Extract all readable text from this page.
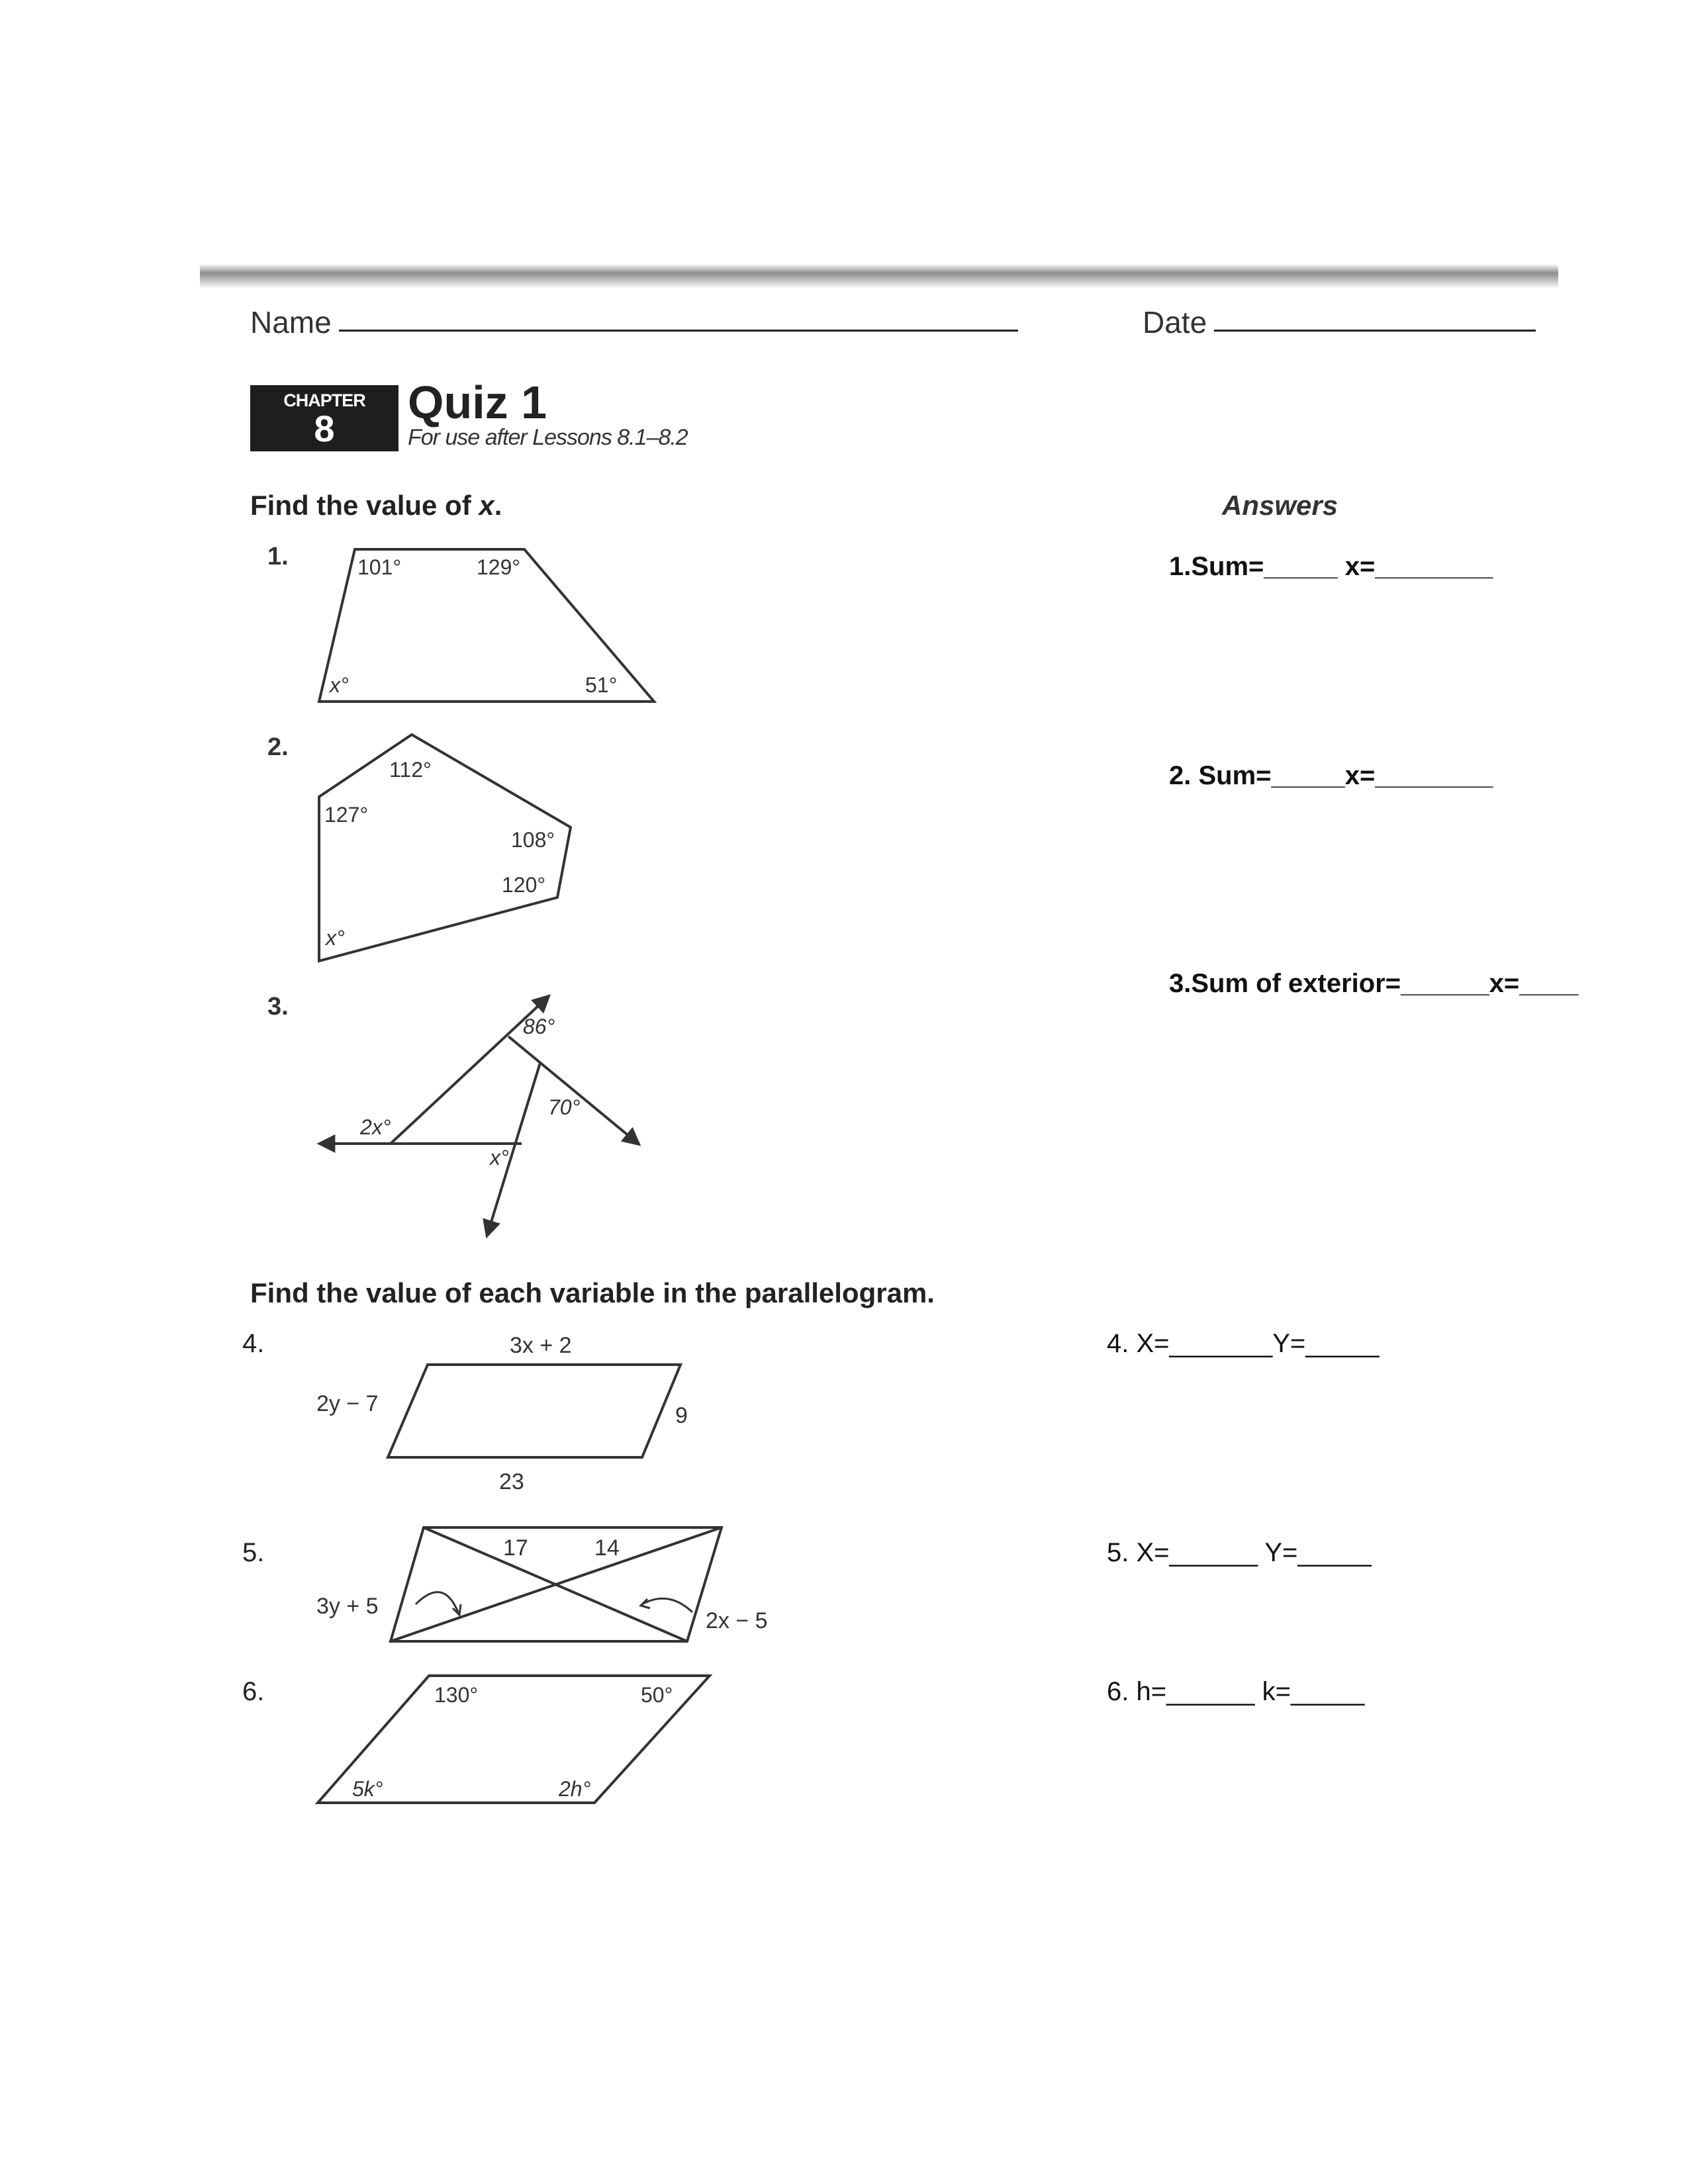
Name	Date
CHAPTER
8
Quiz 1
For use after Lessons 8.1–8.2
Find the value of x.	Answers
1.	101°	129°
x°	51°
1.Sum=_____ x=________
2.
112°
127°
108°
120°
x°
2. Sum=_____x=________
3.
86°
70°
2x°
x°
3.Sum of exterior=______x=____
Find the value of each variable in the parallelogram.
4.	3x + 2
2y − 7	9
23
4. X=_______Y=_____
5.	17	14
3y + 5
2x − 5
5. X=______ Y=_____
6.	130°	50°
5k°	2h°
6. h=______ k=_____
